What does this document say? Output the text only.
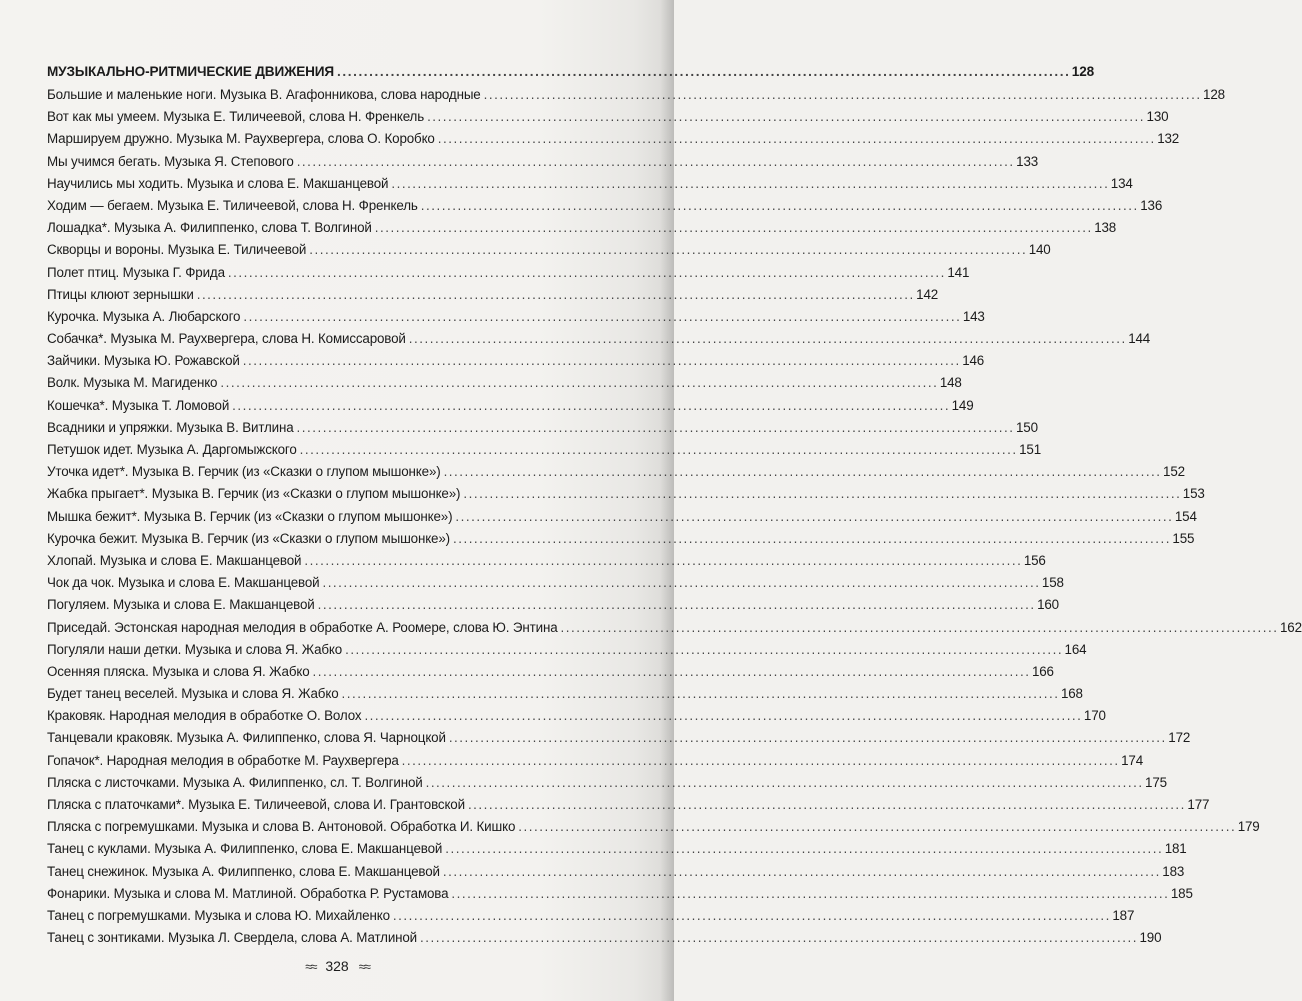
МУЗЫКАЛЬНО-РИТМИЧЕСКИЕ ДВИЖЕНИЯ . . .	128
Большие и маленькие ноги. Музыка В. Агафонникова, слова народные . . .	128
Вот как мы умеем. Музыка Е. Тиличеевой, слова Н. Френкель . . .	130
Маршируем дружно. Музыка М. Раухвергера, слова О. Коробко . . .	132
Мы учимся бегать. Музыка Я. Степового . . .	133
Научились мы ходить. Музыка и слова Е. Макшанцевой . . .	134
Ходим — бегаем. Музыка Е. Тиличеевой, слова Н. Френкель . . .	136
Лошадка*. Музыка А. Филиппенко, слова Т. Волгиной . . .	138
Скворцы и вороны. Музыка Е. Тиличеевой . . .	140
Полет птиц. Музыка Г. Фрида . . .	141
Птицы клюют зернышки . . .	142
Курочка. Музыка А. Любарского . . .	143
Собачка*. Музыка М. Раухвергера, слова Н. Комиссаровой . . .	144
Зайчики. Музыка Ю. Рожавской . . .	146
Волк. Музыка М. Магиденко . . .	148
Кошечка*. Музыка Т. Ломовой . . .	149
Всадники и упряжки. Музыка В. Витлина . . .	150
Петушок идет. Музыка А. Даргомыжского . . .	151
Уточка идет*. Музыка В. Герчик (из «Сказки о глупом мышонке») . . .	152
Жабка прыгает*. Музыка В. Герчик (из «Сказки о глупом мышонке») . . .	153
Мышка бежит*. Музыка В. Герчик (из «Сказки о глупом мышонке») . . .	154
Курочка бежит. Музыка В. Герчик (из «Сказки о глупом мышонке») . . .	155
Хлопай. Музыка и слова Е. Макшанцевой . . .	156
Чок да чок. Музыка и слова Е. Макшанцевой . . .	158
Погуляем. Музыка и слова Е. Макшанцевой . . .	160
Приседай. Эстонская народная мелодия в обработке А. Роомере, слова Ю. Энтина . . .	162
Погуляли наши детки. Музыка и слова Я. Жабко . . .	164
Осенняя пляска. Музыка и слова Я. Жабко . . .	166
Будет танец веселей. Музыка и слова Я. Жабко . . .	168
Краковяк. Народная мелодия в обработке О. Волох . . .	170
Танцевали краковяк. Музыка А. Филиппенко, слова Я. Чарноцкой . . .	172
Гопачок*. Народная мелодия в обработке М. Раухвергера . . .	174
Пляска с листочками. Музыка А. Филиппенко, сл. Т. Волгиной . . .	175
Пляска с платочками*. Музыка Е. Тиличеевой, слова И. Грантовской . . .	177
Пляска с погремушками. Музыка и слова В. Антоновой. Обработка И. Кишко . . .	179
Танец с куклами. Музыка А. Филиппенко, слова Е. Макшанцевой . . .	181
Танец снежинок. Музыка А. Филиппенко, слова Е. Макшанцевой . . .	183
Фонарики. Музыка и слова М. Матлиной. Обработка Р. Рустамова . . .	185
Танец с погремушками. Музыка и слова Ю. Михайленко . . .	187
Танец с зонтиками. Музыка Л. Свердела, слова А. Матлиной . . .	190
≈≈ 328 ≈≈
